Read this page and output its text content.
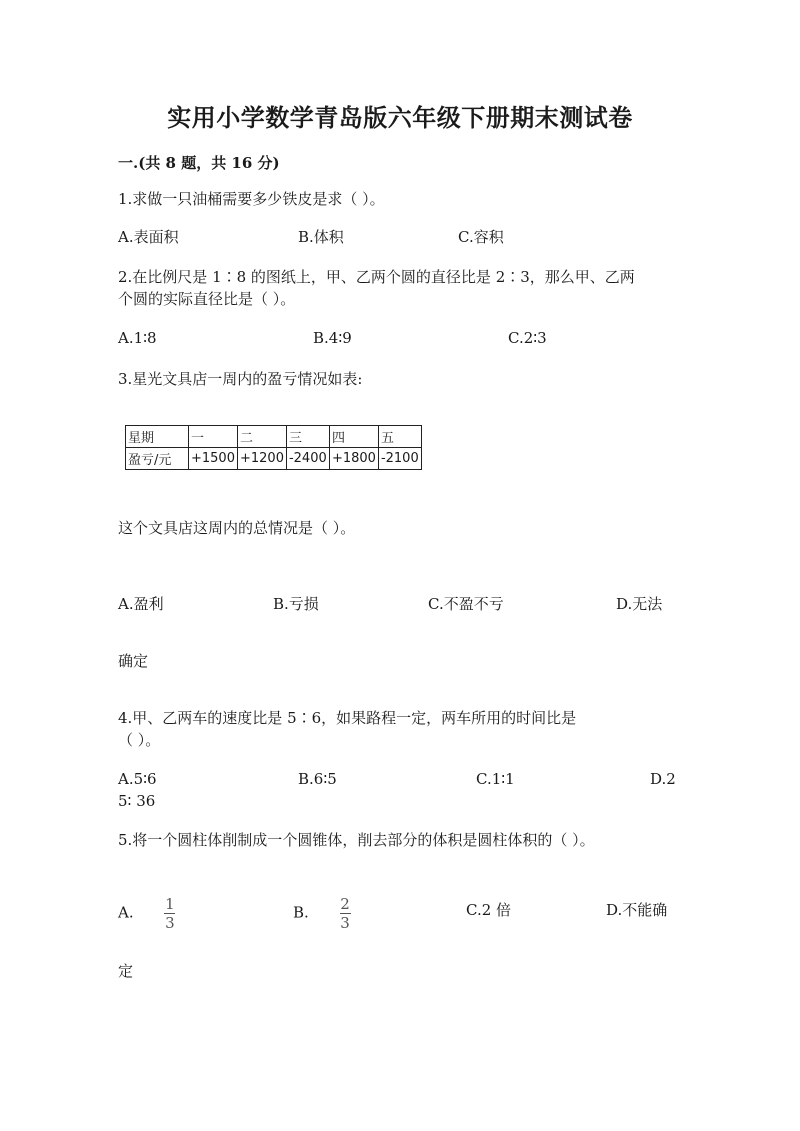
实用小学数学青岛版六年级下册期末测试卷
一.(共 8 题，共 16 分)
1.求做一只油桶需要多少铁皮是求（ ）。
A.表面积	B.体积	C.容积
2.在比例尺是 1∶8 的图纸上，甲、乙两个圆的直径比是 2∶3，那么甲、乙两
个圆的实际直径比是（ ）。
A.1∶8	B.4∶9	C.2∶3
3.星光文具店一周内的盈亏情况如表:
星期	一	二	三	四	五
盈亏/元	+1500	+1200	-2400	+1800	-2100
这个文具店这周内的总情况是（ ）。
A.盈利	B.亏损	C.不盈不亏	D.无法
确定
4.甲、乙两车的速度比是 5∶6，如果路程一定，两车所用的时间比是
（ ）。
A.5∶6	B.6∶5	C.1∶1	D.2
5∶ 36
5.将一个圆柱体削制成一个圆锥体，削去部分的体积是圆柱体积的（ ）。
A. $\frac{1}{3}$	B. $\frac{2}{3}$	C.2 倍	D.不能确
定
